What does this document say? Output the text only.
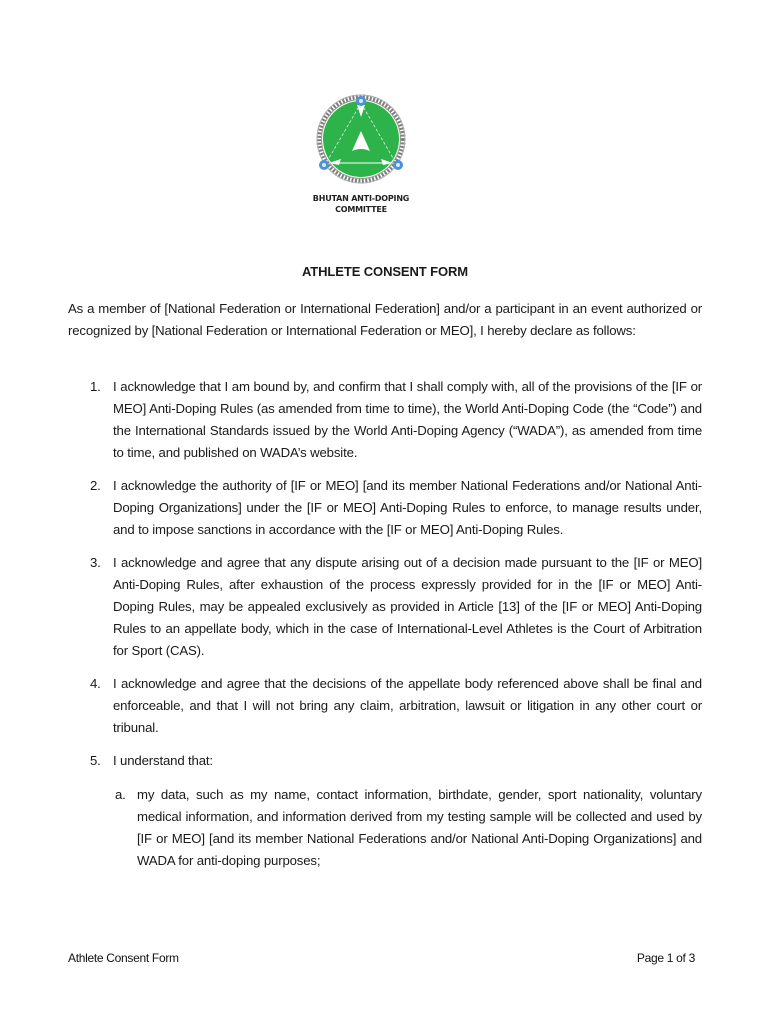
BHUTAN ANTI-DOPING
COMMITTEE
ATHLETE CONSENT FORM
As a member of [National Federation or International Federation] and/or a participant in an event authorized or recognized by [National Federation or International Federation or MEO], I hereby declare as follows:
1. I acknowledge that I am bound by, and confirm that I shall comply with, all of the provisions of the [IF or MEO] Anti-Doping Rules (as amended from time to time), the World Anti-Doping Code (the “Code”) and the International Standards issued by the World Anti-Doping Agency (“WADA”), as amended from time to time, and published on WADA’s website.
2. I acknowledge the authority of [IF or MEO] [and its member National Federations and/or National Anti-Doping Organizations] under the [IF or MEO] Anti-Doping Rules to enforce, to manage results under, and to impose sanctions in accordance with the [IF or MEO] Anti-Doping Rules.
3. I acknowledge and agree that any dispute arising out of a decision made pursuant to the [IF or MEO] Anti-Doping Rules, after exhaustion of the process expressly provided for in the [IF or MEO] Anti-Doping Rules, may be appealed exclusively as provided in Article [13] of the [IF or MEO] Anti-Doping Rules to an appellate body, which in the case of International-Level Athletes is the Court of Arbitration for Sport (CAS).
4. I acknowledge and agree that the decisions of the appellate body referenced above shall be final and enforceable, and that I will not bring any claim, arbitration, lawsuit or litigation in any other court or tribunal.
5. I understand that:
a. my data, such as my name, contact information, birthdate, gender, sport nationality, voluntary medical information, and information derived from my testing sample will be collected and used by [IF or MEO] [and its member National Federations and/or National Anti-Doping Organizations] and WADA for anti-doping purposes;
Athlete Consent Form	Page 1 of 3
